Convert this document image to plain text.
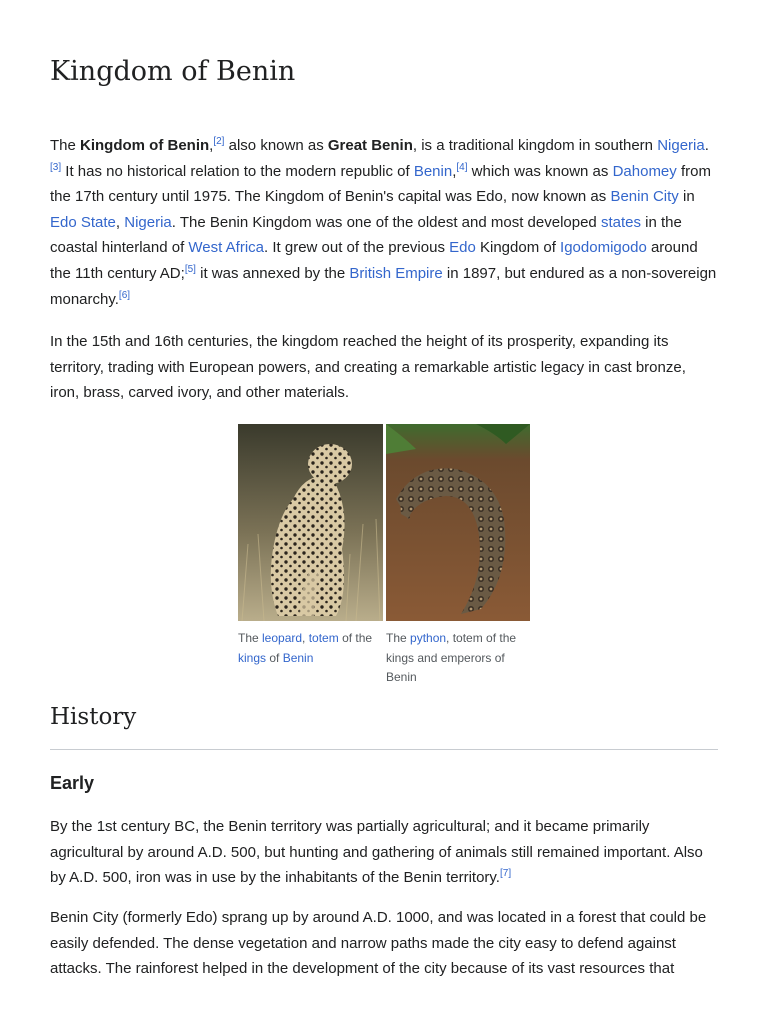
Kingdom of Benin

The Kingdom of Benin,[2] also known as Great Benin, is a traditional kingdom in southern Nigeria.[3] It has no historical relation to the modern republic of Benin,[4] which was known as Dahomey from the 17th century until 1975. The Kingdom of Benin's capital was Edo, now known as Benin City in Edo State, Nigeria. The Benin Kingdom was one of the oldest and most developed states in the coastal hinterland of West Africa. It grew out of the previous Edo Kingdom of Igodomigodo around the 11th century AD;[5] it was annexed by the British Empire in 1897, but endured as a non-sovereign monarchy.[6]

In the 15th and 16th centuries, the kingdom reached the height of its prosperity, expanding its territory, trading with European powers, and creating a remarkable artistic legacy in cast bronze, iron, brass, carved ivory, and other materials.

The leopard, totem of the kings of Benin
The python, totem of the kings and emperors of Benin
History
Early

By the 1st century BC, the Benin territory was partially agricultural; and it became primarily agricultural by around A.D. 500, but hunting and gathering of animals still remained important. Also by A.D. 500, iron was in use by the inhabitants of the Benin territory.[7]

Benin City (formerly Edo) sprang up by around A.D. 1000, and was located in a forest that could be easily defended. The dense vegetation and narrow paths made the city easy to defend against attacks. The rainforest helped in the development of the city because of its vast resources that
